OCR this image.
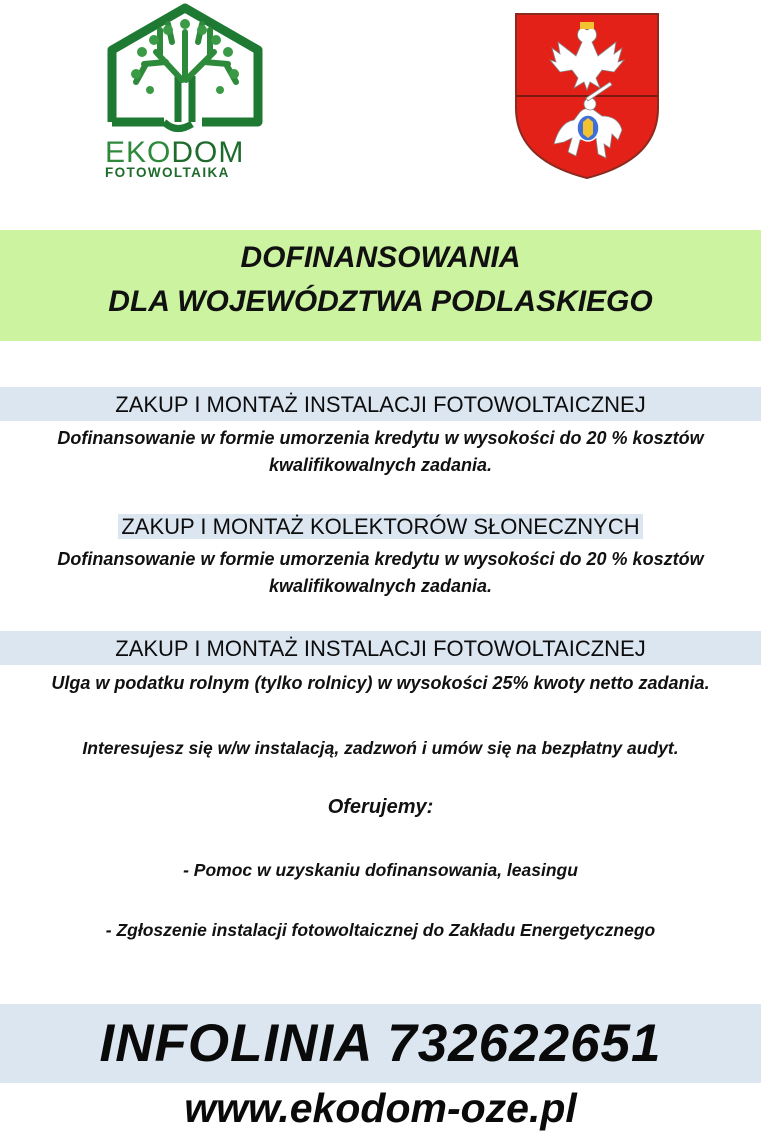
EKODOM
FOTOWOLTAIKA
DOFINANSOWANIA
DLA WOJEWÓDZTWA PODLASKIEGO
ZAKUP I MONTAŻ INSTALACJI FOTOWOLTAICZNEJ
Dofinansowanie w formie umorzenia kredytu w wysokości do 20 % kosztów
kwalifikowalnych zadania.
ZAKUP I MONTAŻ KOLEKTORÓW SŁONECZNYCH
Dofinansowanie w formie umorzenia kredytu w wysokości do 20 % kosztów
kwalifikowalnych zadania.
ZAKUP I MONTAŻ INSTALACJI FOTOWOLTAICZNEJ
Ulga w podatku rolnym (tylko rolnicy) w wysokości 25% kwoty netto zadania.
Interesujesz się w/w instalacją, zadzwoń i umów się na bezpłatny audyt.
Oferujemy:
- Pomoc w uzyskaniu dofinansowania, leasingu
- Zgłoszenie instalacji fotowoltaicznej do Zakładu Energetycznego
INFOLINIA 732622651
www.ekodom-oze.pl
